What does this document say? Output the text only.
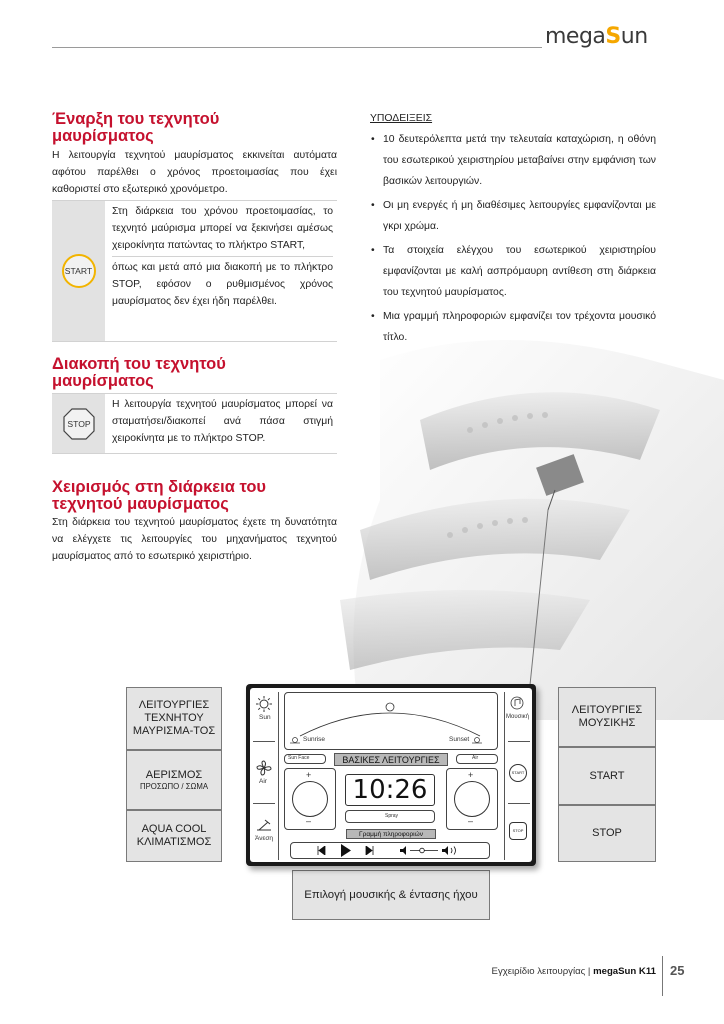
megaSun
Έναρξη του τεχνητού
μαυρίσματος

Η λειτουργία τεχνητού μαυρίσματος εκκινείται αυτόματα αφότου παρέλθει ο χρόνος προετοιμασίας που έχει καθοριστεί στο εξωτερικό χρονόμετρο.

START
Στη διάρκεια του χρόνου προετοιμασίας, το τεχνητό μαύρισμα μπορεί να ξεκινήσει αμέσως χειροκίνητα πατώντας το πλήκτρο START,
όπως και μετά από μια διακοπή με το πλήκτρο STOP, εφόσον ο ρυθμισμένος χρόνος μαυρίσματος δεν έχει ήδη παρέλθει.
Διακοπή του τεχνητού
μαυρίσματος
STOP
Η λειτουργία τεχνητού μαυρίσματος μπορεί να σταματήσει/διακοπεί ανά πάσα στιγμή χειροκίνητα με το πλήκτρο STOP.
Χειρισμός στη διάρκεια του
τεχνητού μαυρίσματος

Στη διάρκεια του τεχνητού μαυρίσματος έχετε τη δυνατότητα να ελέγχετε τις λειτουργίες του μηχανήματος τεχνητού μαυρίσματος από το εσωτερικό χειριστήριο.

ΥΠΟΔΕΙΞΕΙΣ
• 10 δευτερόλεπτα μετά την τελευταία καταχώριση, η οθόνη του εσωτερικού χειριστηρίου μεταβαίνει στην εμφάνιση των βασικών λειτουργιών.
• Οι μη ενεργές ή μη διαθέσιμες λειτουργίες εμφανίζονται με γκρι χρώμα.
• Τα στοιχεία ελέγχου του εσωτερικού χειριστηρίου εμφανίζονται με καλή ασπρόμαυρη αντίθεση στη διάρκεια του τεχνητού μαυρίσματος.
• Μια γραμμή πληροφοριών εμφανίζει τον τρέχοντα μουσικό τίτλο.
ΛΕΙΤΟΥΡΓΙΕΣ ΤΕΧΝΗΤΟΥ ΜΑΥΡΙΣΜΑ-ΤΟΣ
ΑΕΡΙΣΜΟΣ
ΠΡΟΣΩΠΟ / ΣΩΜΑ
AQUA COOL ΚΛΙΜΑΤΙΣΜΟΣ
ΛΕΙΤΟΥΡΓΙΕΣ ΜΟΥΣΙΚΗΣ
START
STOP
Επιλογή μουσικής & έντασης ήχου
Sun
Air
Άνεση
Sunrise	Sunset
Sun Face	Air
ΒΑΣΙΚΕΣ ΛΕΙΤΟΥΡΓΙΕΣ
+
–
10:26
Spray
+
–
Γραμμή πληροφοριών
Μουσική
START
STOP
Εγχειρίδιο λειτουργίας | megaSun K11 25
